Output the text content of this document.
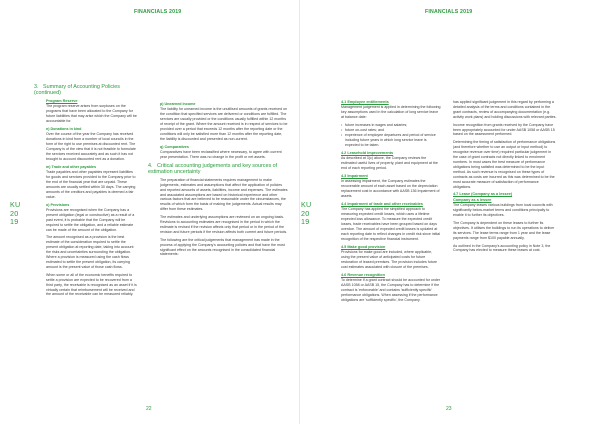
FINANCIALS 2019	FINANCIALS 2019
KU
20
19
KU
20
19
22	23
3. Summary of Accounting Policies (continued)
Program Reserve

The program reserve arises from surpluses on the programs that have been allocated to the Company for future liabilities that may arise which the Company will be accountable for.

n) Donations in kind

Over the course of the year the Company has received donations in kind from a number of local councils in the form of the right to use premises at discounted rent. The Company is of the view that it is not feasible to formulate the services received accurately and as such it has not brought to account discounted rent as a donation.

m) Trade and other payables

Trade payables and other payables represent liabilities for goods and services provided to the Company prior to the end of the financial year that are unpaid. These amounts are usually settled within 30 days. The carrying amounts of the creditors and payables is deemed a fair value.

o) Provisions

Provisions are recognised when the Company has a present obligation (legal or constructive) as a result of a past event, it is probable that the Company will be required to settle the obligation, and a reliable estimate can be made of the amount of the obligation.

The amount recognised as a provision is the best estimate of the consideration required to settle the present obligation at reporting date, taking into account the risks and uncertainties surrounding the obligation. Where a provision is measured using the cash flows estimated to settle the present obligation, its carrying amount is the present value of those cash flows.

When some or all of the economic benefits required to settle a provision are expected to be recovered from a third party, the receivable is recognised as an asset if it is virtually certain that reimbursement will be received and the amount of the receivable can be measured reliably.

p) Unearned income

The liability for unearned income is the unutilised amounts of grants received on the condition that specified services are delivered or conditions are fulfilled. The services are usually provided or the conditions usually fulfilled within 12 months of receipt of the grant. Where the amount received is in respect of services to be provided over a period that exceeds 12 months after the reporting date or the conditions will only be satisfied more than 12 months after the reporting date, the liability is discounted and presented as non-current.

q) Comparatives

Comparatives have been reclassified where necessary, to agree with current year presentation. There was no change in the profit or net assets.

4. Critical accounting judgements and key sources of estimation uncertainty

The preparation of financial statements requires management to make judgements, estimates and assumptions that affect the application of policies and reported amounts of assets, liabilities, income and expenses. The estimates and associated assumptions are based on historical experience and other various factors that are believed to be reasonable under the circumstances, the results of which form the basis of making the judgements. Actual results may differ from these estimates.

The estimates and underlying assumptions are reviewed on an ongoing basis. Revisions to accounting estimates are recognised in the period in which the estimate is revised if the revision affects only that period or in the period of the revision and future periods if the revision affects both current and future periods.

The following are the critical judgements that management has made in the process of applying the Company's accounting policies and that have the most significant effect on the amounts recognised in the consolidated financial statements:

4.1 Employee entitlements

Management judgement is applied in determining the following key assumptions used in the calculation of long service leave at balance date:

• future increases in wages and salaries;
• future on-cost rates; and
• experience of employee departures and period of service including future years in which long service leave is expected to be taken.
4.2 Leasehold improvements

As described at 3(c) above, the Company reviews the estimated useful lives of property, plant and equipment at the end of each reporting period.

4.3 Impairment

In assessing impairment, the Company estimates the recoverable amount of each asset based on the depreciation replacement cost in accordance with AASB 136 Impairment of assets.

4.4 Impairment of trade and other receivables

The Company has applied the simplified approach to measuring expected credit losses, which uses a lifetime expected loss allowance. To measure the expected credit losses, trade receivables have been grouped based on days overdue. The amount of expected credit losses is updated at each reporting date to reflect changes in credit risk since initial recognition of the respective financial instrument.

4.5 Make good provision

Provisions for make good are included, where applicable, using the present value of anticipated costs for future restoration of leased premises. The provision includes future cost estimates associated with closure of the premises.

4.6 Revenue recognition

To determine if a grant contract should be accounted for under AASB 1058 or AASB 15, the Company has to determine if the contract is 'enforceable' and contains 'sufficiently specific' performance obligations. When assessing if the performance obligations are 'sufficiently specific', the Company

has applied significant judgement in this regard by performing a detailed analysis of the terms and conditions contained in the grant contracts, review of accompanying documentation (e.g. activity work plans) and holding discussions with relevant parties.

Income recognition from grants received by the Company have been appropriately accounted for under AASB 1058 or AASB 15 based on the assessment performed.

Determining the timing of satisfaction of performance obligations (and therefore whether to use an output or input method) to recognise revenue over time) required particular judgement in the case of grant contracts not directly linked to enrolment numbers. In most cases the best measure of performance obligations being satisfied was determined to be the input method. As such revenue is recognised on these types of contracts as costs are incurred as this was determined to be the most accurate measure of satisfaction of performance obligations.

4.7 Lease (Company as a lessee)
Company as a lessee

The Company leases various buildings from local councils with significantly below-market terms and conditions principally to enable it to further its objectives.

The Company is dependent on these leases to further its objectives. It utilises the buildings to run its operations to deliver its services. The lease terms range from 1 year and the lease payments range from $100 payable annually.

As outlined in the Company's accounting policy in Note 3, the Company has elected to measure these leases at cost.
